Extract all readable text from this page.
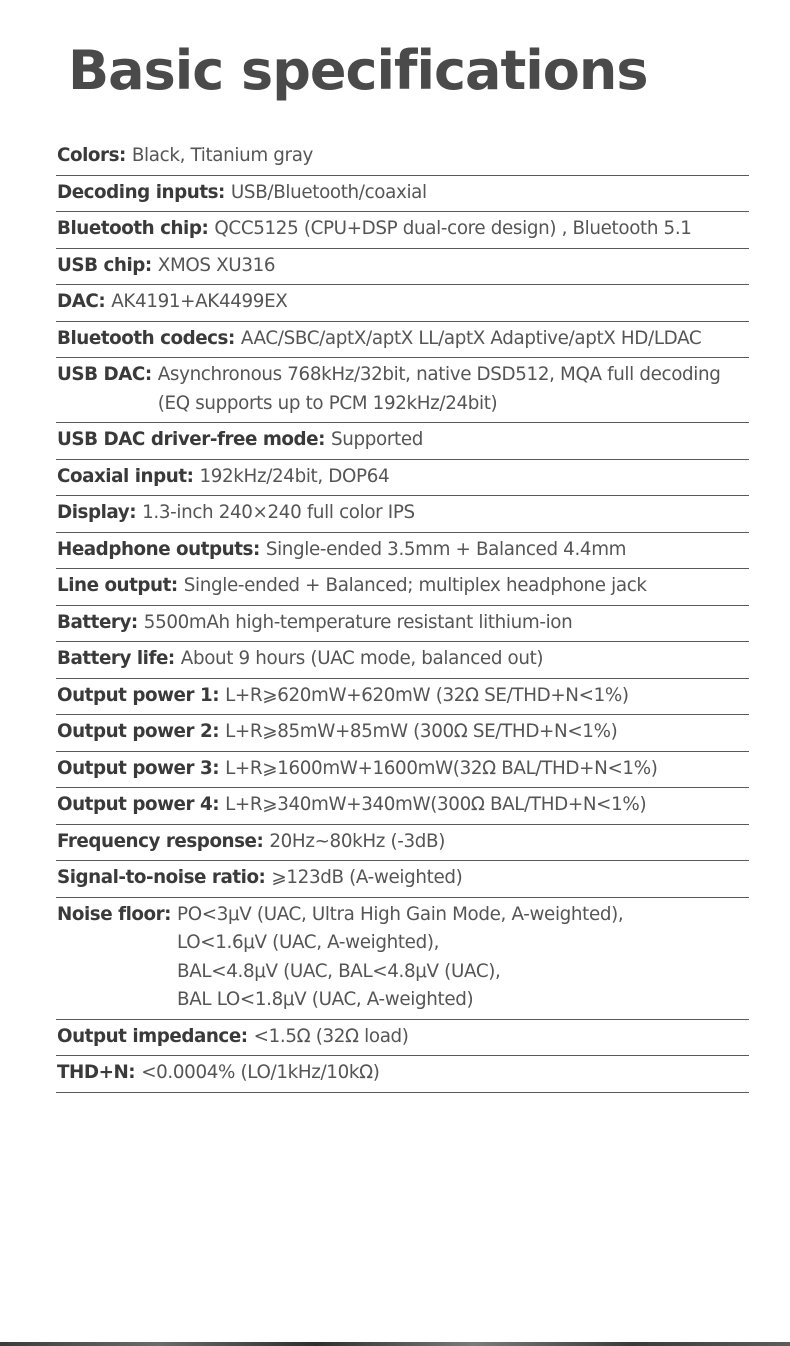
Basic specifications
Colors: Black, Titanium gray
Decoding inputs: USB/Bluetooth/coaxial
Bluetooth chip: QCC5125 (CPU+DSP dual-core design) , Bluetooth 5.1
USB chip: XMOS XU316
DAC: AK4191+AK4499EX
Bluetooth codecs: AAC/SBC/aptX/aptX LL/aptX Adaptive/aptX HD/LDAC
USB DAC: Asynchronous 768kHz/32bit, native DSD512, MQA full decoding
(EQ supports up to PCM 192kHz/24bit)
USB DAC driver-free mode: Supported
Coaxial input: 192kHz/24bit, DOP64
Display: 1.3-inch 240×240 full color IPS
Headphone outputs: Single-ended 3.5mm + Balanced 4.4mm
Line output: Single-ended + Balanced; multiplex headphone jack
Battery: 5500mAh high-temperature resistant lithium-ion
Battery life: About 9 hours (UAC mode, balanced out)
Output power 1: L+R⩾620mW+620mW (32Ω SE/THD+N<1%)
Output power 2: L+R⩾85mW+85mW (300Ω SE/THD+N<1%)
Output power 3: L+R⩾1600mW+1600mW(32Ω BAL/THD+N<1%)
Output power 4: L+R⩾340mW+340mW(300Ω BAL/THD+N<1%)
Frequency response: 20Hz~80kHz (-3dB)
Signal-to-noise ratio: ⩾123dB (A-weighted)
Noise floor: PO<3μV (UAC, Ultra High Gain Mode, A-weighted),
LO<1.6μV (UAC, A-weighted),
BAL<4.8μV (UAC, BAL<4.8μV (UAC),
BAL LO<1.8μV (UAC, A-weighted)
Output impedance: <1.5Ω (32Ω load)
THD+N: <0.0004% (LO/1kHz/10kΩ)
